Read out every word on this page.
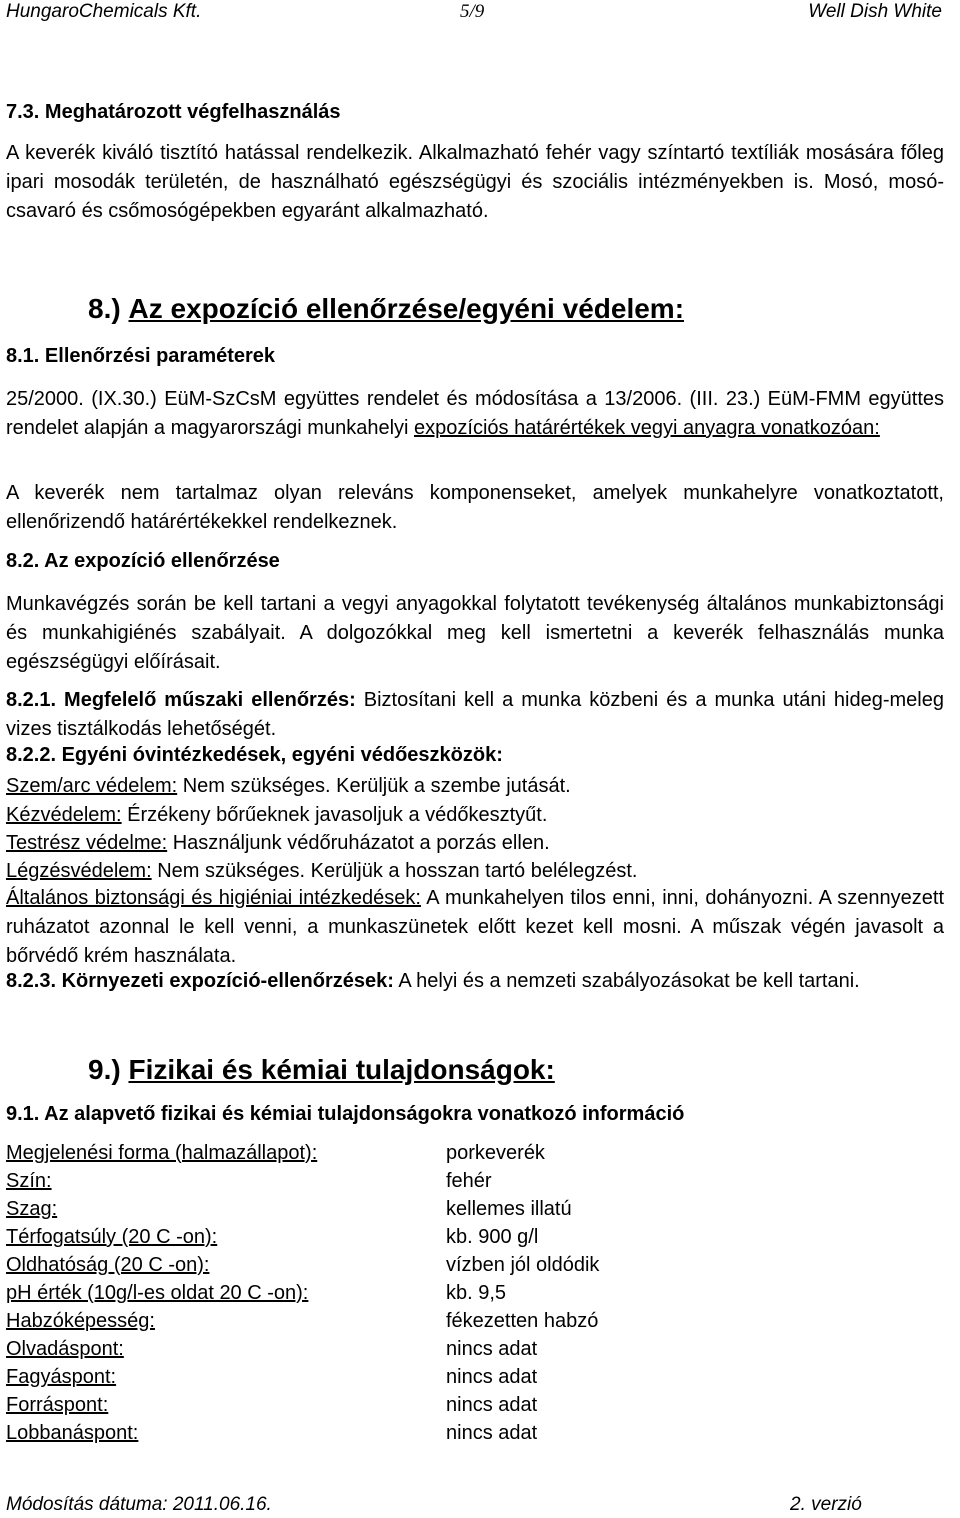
HungaroChemicals Kft.	5/9	Well Dish White
7.3. Meghatározott végfelhasználás
A keverék kiváló tisztító hatással rendelkezik. Alkalmazható fehér vagy színtartó textíliák mosására főleg ipari mosodák területén, de használható egészségügyi és szociális intézményekben is. Mosó, mosó-csavaró és csőmosógépekben egyaránt alkalmazható.
8.) Az expozíció ellenőrzése/egyéni védelem:
8.1. Ellenőrzési paraméterek
25/2000. (IX.30.) EüM-SzCsM együttes rendelet és módosítása a 13/2006. (III. 23.) EüM-FMM együttes rendelet alapján a magyarországi munkahelyi expozíciós határértékek vegyi anyagra vonatkozóan:
A keverék nem tartalmaz olyan releváns komponenseket, amelyek munkahelyre vonatkoztatott, ellenőrizendő határértékekkel rendelkeznek.
8.2. Az expozíció ellenőrzése
Munkavégzés során be kell tartani a vegyi anyagokkal folytatott tevékenység általános munkabiztonsági és munkahigiénés szabályait. A dolgozókkal meg kell ismertetni a keverék felhasználás munka egészségügyi előírásait.
8.2.1. Megfelelő műszaki ellenőrzés: Biztosítani kell a munka közbeni és a munka utáni hideg-meleg vizes tisztálkodás lehetőségét.
8.2.2. Egyéni óvintézkedések, egyéni védőeszközök:
Szem/arc védelem: Nem szükséges. Kerüljük a szembe jutását.
Kézvédelem: Érzékeny bőrűeknek javasoljuk a védőkesztyűt.
Testrész védelme: Használjunk védőruházatot a porzás ellen.
Légzésvédelem: Nem szükséges. Kerüljük a hosszan tartó belélegzést.
Általános biztonsági és higiéniai intézkedések: A munkahelyen tilos enni, inni, dohányozni. A szennyezett ruházatot azonnal le kell venni, a munkaszünetek előtt kezet kell mosni. A műszak végén javasolt a bőrvédő krém használata.
8.2.3. Környezeti expozíció-ellenőrzések: A helyi és a nemzeti szabályozásokat be kell tartani.
9.) Fizikai és kémiai tulajdonságok:
9.1. Az alapvető fizikai és kémiai tulajdonságokra vonatkozó információ
Megjelenési forma (halmazállapot):	porkeverék
Szín:	fehér
Szag:	kellemes illatú
Térfogatsúly (20 C -on):	kb. 900 g/l
Oldhatóság (20 C -on):	vízben jól oldódik
pH érték (10g/l-es oldat 20 C -on):	kb. 9,5
Habzóképesség:	fékezetten habzó
Olvadáspont:	nincs adat
Fagyáspont:	nincs adat
Forráspont:	nincs adat
Lobbanáspont:	nincs adat
Módosítás dátuma: 2011.06.16.	2. verzió
